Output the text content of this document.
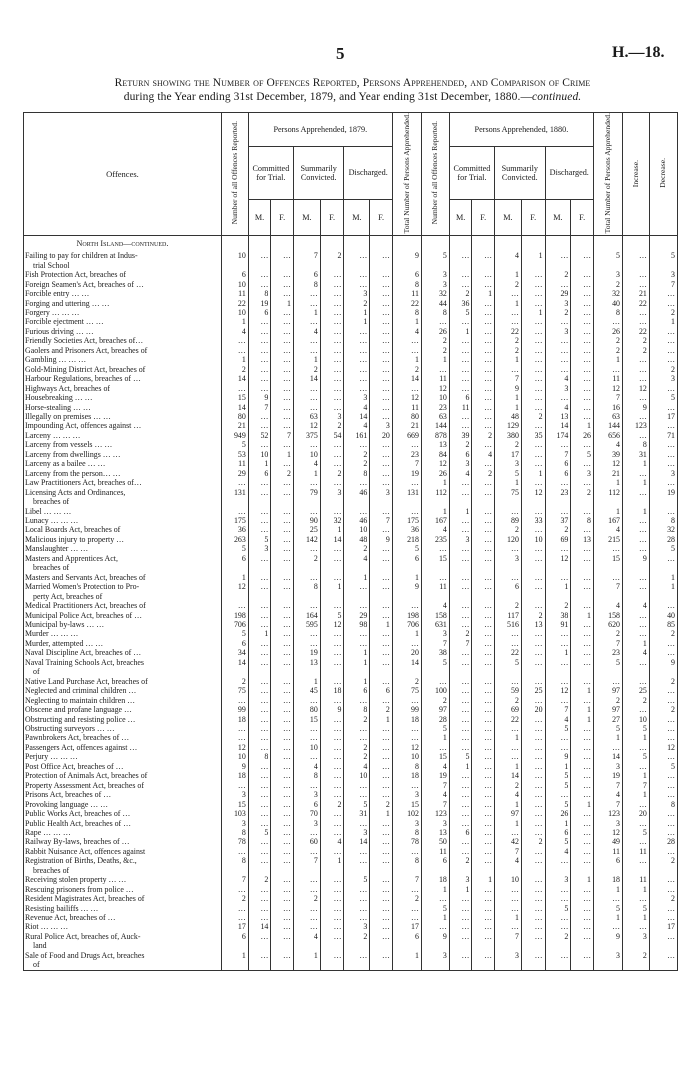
5	H.—18.
Return showing the Number of Offences Reported, Persons Apprehended, and Comparison of Crime
during the Year ending 31st December, 1879, and Year ending 31st December, 1880.—continued.
Offences.	Number of all Offences Reported.	Persons Apprehended, 1879.						Total Number of Persons Apprehended.	Number of all Offences Reported.	Persons Apprehended, 1880.						Total Number of Persons Apprehended.	Increase.	Decrease.
		Committed for Trial.		Summarily Convicted.		Discharged.				Committed for Trial.		Summarily Convicted.		Discharged.				
		M.	F.	M.	F.	M.	F.			M.	F.	M.	F.	M.	F.			
North Island—continued.																		
Failing to pay for children at Indus-	10	…	…	7	2	…	…	9	5	…	…	4	1	…	…	5	…	5
trial School																		
Fish Protection Act, breaches of	6	…	…	6	…	…	…	6	3	…	…	1	…	2	…	3	…	3
Foreign Seamen's Act, breaches of …	10	…	…	8	…	…	…	8	3	…	…	2	…	…	…	2	…	7
Forcible entry … …	11	8	…	…	…	3	…	11	32	2	1	…	…	29	…	32	21	…
Forging and uttering … …	22	19	1	…	…	2	…	22	44	36	…	1	…	3	…	40	22	…
Forgery … … …	10	6	…	1	…	1	…	8	8	5	…	…	1	2	…	8	…	2
Forcible ejectment … …	1	…	…	…	…	1	…	1	…	…	…	…	…	…	…	…	…	1
Furious driving … …	4	…	…	4	…	…	…	4	26	1	…	22	…	3	…	26	22	…
Friendly Societies Act, breaches of…	…	…	…	…	…	…	…	…	2	…	…	2	…	…	…	2	2	…
Gaolers and Prisoners Act, breaches of	…	…	…	…	…	…	…	…	2	…	…	2	…	…	…	2	2	…
Gambling … … …	1	…	…	1	…	…	…	1	1	…	…	1	…	…	…	1	…	…
Gold-Mining District Act, breaches of	2	…	…	2	…	…	…	2	…	…	…	…	…	…	…	…	…	2
Harbour Regulations, breaches of …	14	…	…	14	…	…	…	14	11	…	…	7	…	4	…	11	…	3
Highways Act, breaches of	…	…	…	…	…	…	…	…	12	…	…	9	…	3	…	12	12	…
Housebreaking … …	15	9	…	…	…	3	…	12	10	6	…	1	…	…	…	7	…	5
Horse-stealing … …	14	7	…	…	…	4	…	11	23	11	…	1	…	4	…	16	9	…
Illegally on premises … …	80	…	…	63	3	14	…	80	63	…	…	48	2	13	…	63	…	17
Impounding Act, offences against …	21	…	…	12	2	4	3	21	144	…	…	129	…	14	1	144	123	…
Larceny … … …	949	52	7	375	54	161	20	669	878	39	2	380	35	174	26	656	…	71
Larceny from vessels … …	5	…	…	…	…	…	…	…	13	2	…	2	…	…	…	4	8	…
Larceny from dwellings … …	53	10	1	10	…	2	…	23	84	6	4	17	…	7	5	39	31	…
Larceny as a bailee … …	11	1	…	4	…	2	…	7	12	3	…	3	…	6	…	12	1	…
Larceny from the person… …	29	6	2	1	2	8	…	19	26	4	2	5	1	6	3	21	…	3
Law Practitioners Act, breaches of…	…	…	…	…	…	…	…	…	1	…	…	1	…	…	…	1	1	…
Licensing Acts and Ordinances,	131	…	…	79	3	46	3	131	112	…	…	75	12	23	2	112	…	19
breaches of																		
Libel … … …	…	…	…	…	…	…	…	…	1	1	…	…	…	…	…	1	1	…
Lunacy … … …	175	…	…	90	32	46	7	175	167	…	…	89	33	37	8	167	…	8
Local Boards Act, breaches of	36	…	…	25	1	10	…	36	4	…	…	2	…	2	…	4	…	32
Malicious injury to property …	263	5	…	142	14	48	9	218	235	3	…	120	10	69	13	215	…	28
Manslaughter … …	5	3	…	…	…	2	…	5	…	…	…	…	…	…	…	…	…	5
Masters and Apprentices Act,	6	…	…	2	…	4	…	6	15	…	…	3	…	12	…	15	9	…
breaches of																		
Masters and Servants Act, breaches of	1	…	…	…	…	1	…	1	…	…	…	…	…	…	…	…	…	1
Married Women's Protection to Pro-	12	…	…	8	1	…	…	9	11	…	…	6	…	1	…	7	…	1
perty Act, breaches of																		
Medical Practitioners Act, breaches of	…	…	…	…	…	…	…	…	4	…	…	2	…	2	…	4	4	…
Municipal Police Act, breaches of …	198	…	…	164	5	29	…	198	158	…	…	117	2	38	1	158	…	40
Municipal by-laws … …	706	…	…	595	12	98	1	706	631	…	…	516	13	91	…	620	…	85
Murder … … …	5	1	…	…	…	…	…	1	3	2	…	…	…	…	…	2	…	2
Murder, attempted … …	6	…	…	…	…	…	…	…	7	7	…	…	…	…	…	7	1	…
Naval Discipline Act, breaches of …	34	…	…	19	…	1	…	20	38	…	…	22	…	1	…	23	4	…
Naval Training Schools Act, breaches	14	…	…	13	…	1	…	14	5	…	…	5	…	…	…	5	…	9
of																		
Native Land Purchase Act, breaches of	2	…	…	1	…	1	…	2	…	…	…	…	…	…	…	…	…	2
Neglected and criminal children …	75	…	…	45	18	6	6	75	100	…	…	59	25	12	1	97	25	…
Neglecting to maintain children …	…	…	…	…	…	…	…	…	2	…	…	2	…	…	…	2	2	…
Obscene and profane language …	99	…	…	80	9	8	2	99	97	…	…	69	20	7	1	97	…	2
Obstructing and resisting police …	18	…	…	15	…	2	1	18	28	…	…	22	…	4	1	27	10	…
Obstructing surveyors … …	…	…	…	…	…	…	…	…	5	…	…	…	…	5	…	5	5	…
Pawnbrokers Act, breaches of …	…	…	…	…	…	…	…	…	1	…	…	1	…	…	…	1	1	…
Passengers Act, offences against …	12	…	…	10	…	2	…	12	…	…	…	…	…	…	…	…	…	12
Perjury … … …	10	8	…	…	…	2	…	10	15	5	…	…	…	9	…	14	5	…
Post Office Act, breaches of …	9	…	…	4	…	4	…	8	4	1	…	1	…	1	…	3	…	5
Protection of Animals Act, breaches of	18	…	…	8	…	10	…	18	19	…	…	14	…	5	…	19	1	…
Property Assessment Act, breaches of	…	…	…	…	…	…	…	…	7	…	…	2	…	5	…	7	7	…
Prisons Act, breaches of …	3	…	…	3	…	…	…	3	4	…	…	4	…	…	…	4	1	…
Provoking language … …	15	…	…	6	2	5	2	15	7	…	…	1	…	5	1	7	…	8
Public Works Act, breaches of …	103	…	…	70	…	31	1	102	123	…	…	97	…	26	…	123	20	…
Public Health Act, breaches of …	3	…	…	3	…	…	…	3	3	…	…	1	…	1	…	3	…	…
Rape … … …	8	5	…	…	…	3	…	8	13	6	…	…	…	6	…	12	5	…
Railway By-laws, breaches of …	78	…	…	60	4	14	…	78	50	…	…	42	2	5	…	49	…	28
Rabbit Nuisance Act, offences against	…	…	…	…	…	…	…	…	11	…	…	7	…	4	…	11	11	…
Registration of Births, Deaths, &c.,	8	…	…	7	1	…	…	8	6	2	…	4	…	…	…	6	…	2
breaches of																		
Receiving stolen property … …	7	2	…	…	…	5	…	7	18	3	1	10	…	3	1	18	11	…
Rescuing prisoners from police …	…	…	…	…	…	…	…	…	1	1	…	…	…	…	…	1	1	…
Resident Magistrates Act, breaches of	2	…	…	2	…	…	…	2	…	…	…	…	…	…	…	…	…	2
Resisting bailiffs … …	…	…	…	…	…	…	…	…	5	…	…	…	…	5	…	5	5	…
Revenue Act, breaches of …	…	…	…	…	…	…	…	…	1	…	…	1	…	…	…	1	1	…
Riot … … …	17	14	…	…	…	3	…	17	…	…	…	…	…	…	…	…	…	17
Rural Police Act, breaches of, Auck-	6	…	…	4	…	2	…	6	9	…	…	7	…	2	…	9	3	…
land																		
Sale of Food and Drugs Act, breaches	1	…	…	1	…	…	…	1	3	…	…	3	…	…	…	3	2	…
of																		
